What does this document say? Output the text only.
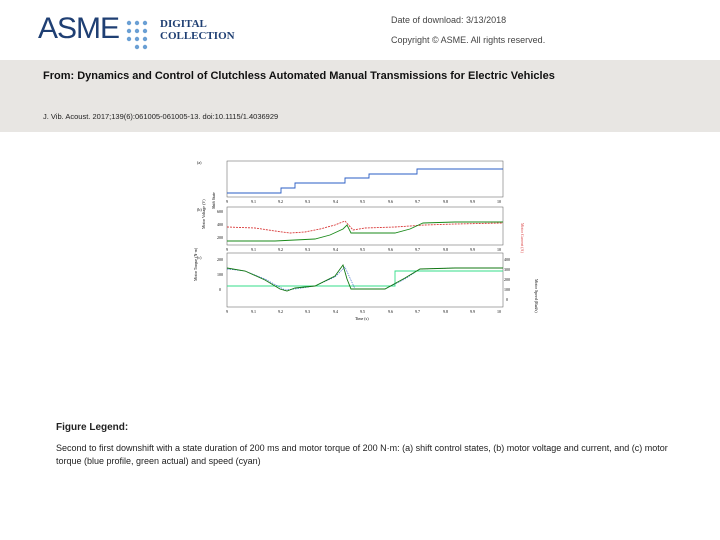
ASME	DIGITAL
COLLECTION
Date of download: 3/13/2018
Copyright © ASME. All rights reserved.
From: Dynamics and Control of Clutchless Automated Manual Transmissions for Electric Vehicles
J. Vib. Acoust. 2017;139(6):061005-061005-13. doi:10.1115/1.4036929
(a)
(b)
(c)
Shift State
Motor Voltage (V)
Motor Current (A)
600
400
200
Motor Torque (N·m)
Motor Speed (Rad/s)
200
100
0
400
300
200
100
0
9	9.1	9.2	9.3	9.4	9.5	9.6	9.7	9.8	9.9	10
9	9.1	9.2	9.3	9.4	9.5	9.6	9.7	9.8	9.9	10
9	9.1	9.2	9.3	9.4	9.5	9.6	9.7	9.8	9.9	10
Time (s)
Figure Legend:
Second to first downshift with a state duration of 200 ms and motor torque of 200 N·m: (a) shift control states, (b) motor voltage and current, and (c) motor torque (blue profile, green actual) and speed (cyan)
